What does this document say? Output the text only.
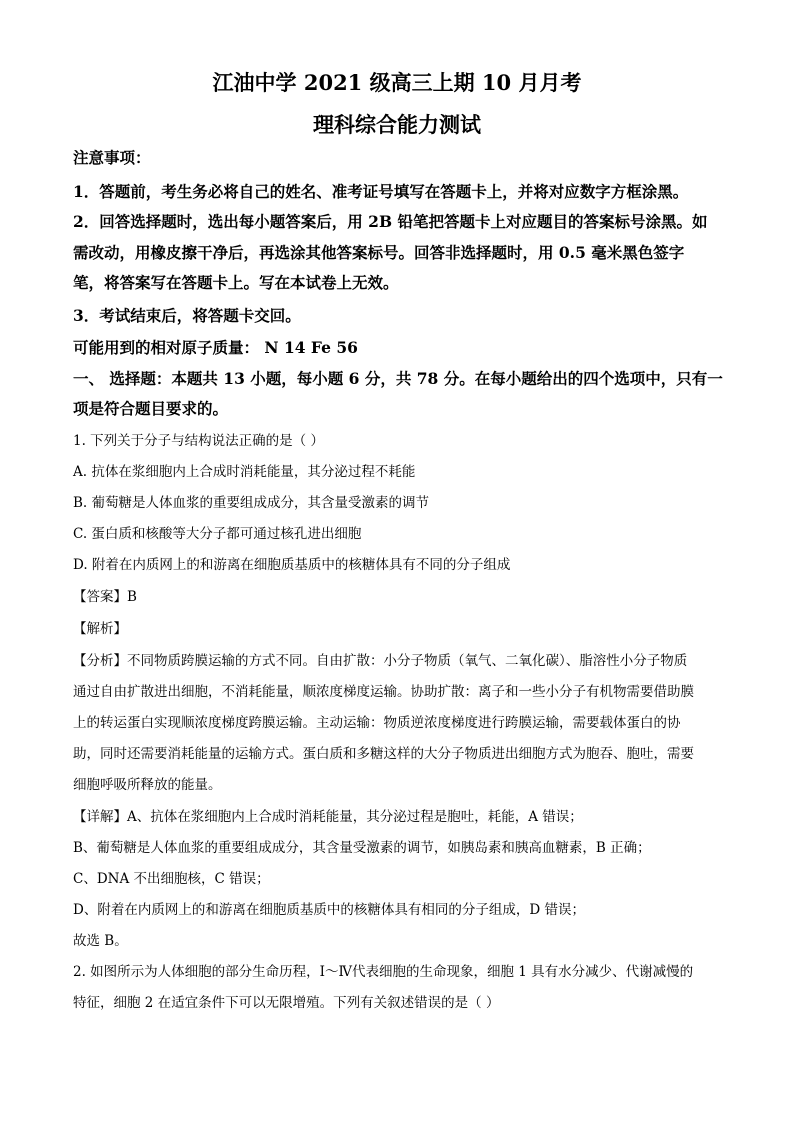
江油中学 2021 级高三上期 10 月月考
理科综合能力测试
注意事项：
1．答题前，考生务必将自己的姓名、准考证号填写在答题卡上，并将对应数字方框涂黑。
2．回答选择题时，选出每小题答案后，用 2B 铅笔把答题卡上对应题目的答案标号涂黑。如
需改动，用橡皮擦干净后，再选涂其他答案标号。回答非选择题时，用 0.5 毫米黑色签字
笔，将答案写在答题卡上。写在本试卷上无效。
3．考试结束后，将答题卡交回。
可能用到的相对原子质量： N 14 Fe 56
一、 选择题：本题共 13 小题，每小题 6 分，共 78 分。在每小题给出的四个选项中，只有一
项是符合题目要求的。
1. 下列关于分子与结构说法正确的是（ ）
A. 抗体在浆细胞内上合成时消耗能量，其分泌过程不耗能
B. 葡萄糖是人体血浆的重要组成成分，其含量受激素的调节
C. 蛋白质和核酸等大分子都可通过核孔进出细胞
D. 附着在内质网上的和游离在细胞质基质中的核糖体具有不同的分子组成
【答案】B
【解析】
【分析】不同物质跨膜运输的方式不同。自由扩散：小分子物质（氧气、二氧化碳）、脂溶性小分子物质
通过自由扩散进出细胞，不消耗能量，顺浓度梯度运输。协助扩散：离子和一些小分子有机物需要借助膜
上的转运蛋白实现顺浓度梯度跨膜运输。主动运输：物质逆浓度梯度进行跨膜运输，需要载体蛋白的协
助，同时还需要消耗能量的运输方式。蛋白质和多糖这样的大分子物质进出细胞方式为胞吞、胞吐，需要
细胞呼吸所释放的能量。
【详解】A、抗体在浆细胞内上合成时消耗能量，其分泌过程是胞吐，耗能，A 错误；
B、葡萄糖是人体血浆的重要组成成分，其含量受激素的调节，如胰岛素和胰高血糖素，B 正确；
C、DNA 不出细胞核，C 错误；
D、附着在内质网上的和游离在细胞质基质中的核糖体具有相同的分子组成，D 错误；
故选 B。
2. 如图所示为人体细胞的部分生命历程，Ⅰ～Ⅳ代表细胞的生命现象，细胞 1 具有水分减少、代谢减慢的
特征，细胞 2 在适宜条件下可以无限增殖。下列有关叙述错误的是（ ）
